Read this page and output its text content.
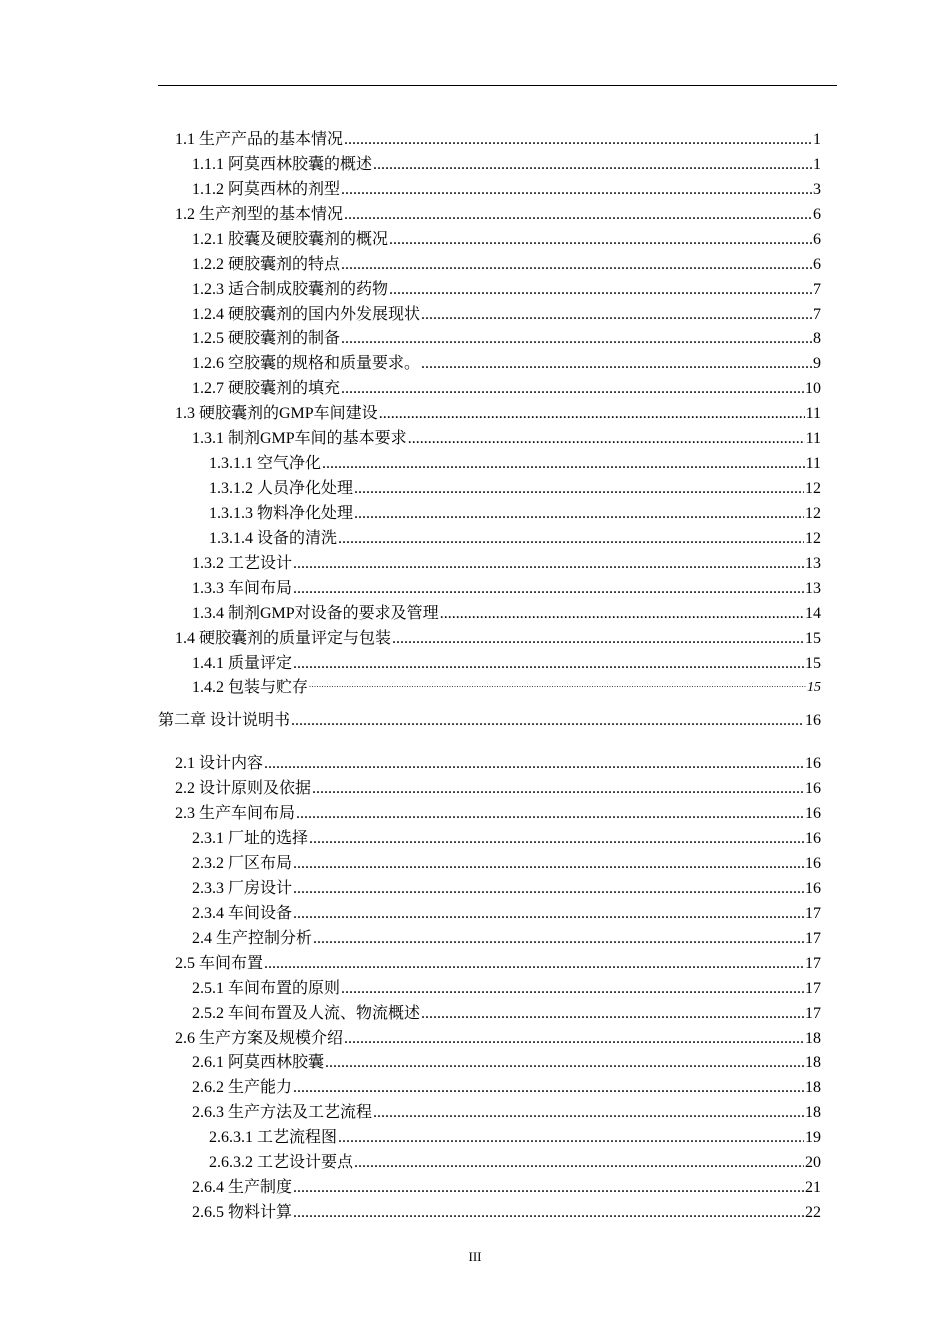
1.1 生产产品的基本情况 .....	1
1.1.1 阿莫西林胶囊的概述 .....	1
1.1.2 阿莫西林的剂型 .....	3
1.2 生产剂型的基本情况 .....	6
1.2.1 胶囊及硬胶囊剂的概况 .....	6
1.2.2 硬胶囊剂的特点 .....	6
1.2.3 适合制成胶囊剂的药物 .....	7
1.2.4 硬胶囊剂的国内外发展现状 .....	7
1.2.5 硬胶囊剂的制备 .....	8
1.2.6 空胶囊的规格和质量要求。 .....	9
1.2.7 硬胶囊剂的填充 .....	10
1.3 硬胶囊剂的GMP车间建设 .....	11
1.3.1 制剂GMP车间的基本要求 .....	11
1.3.1.1 空气净化 .....	11
1.3.1.2 人员净化处理 .....	12
1.3.1.3 物料净化处理 .....	12
1.3.1.4 设备的清洗 .....	12
1.3.2 工艺设计 .....	13
1.3.3 车间布局 .....	13
1.3.4 制剂GMP对设备的要求及管理 .....	14
1.4 硬胶囊剂的质量评定与包装 .....	15
1.4.1 质量评定 .....	15
1.4.2 包装与贮存 .....	15
第二章 设计说明书 .....	16
2.1 设计内容 .....	16
2.2 设计原则及依据 .....	16
2.3 生产车间布局 .....	16
2.3.1 厂址的选择 .....	16
2.3.2 厂区布局 .....	16
2.3.3 厂房设计 .....	16
2.3.4 车间设备 .....	17
2.4 生产控制分析 .....	17
2.5 车间布置 .....	17
2.5.1 车间布置的原则 .....	17
2.5.2 车间布置及人流、物流概述 .....	17
2.6 生产方案及规模介绍 .....	18
2.6.1 阿莫西林胶囊 .....	18
2.6.2 生产能力 .....	18
2.6.3 生产方法及工艺流程 .....	18
2.6.3.1 工艺流程图 .....	19
2.6.3.2 工艺设计要点 .....	20
2.6.4 生产制度 .....	21
2.6.5 物料计算 .....	22
III
